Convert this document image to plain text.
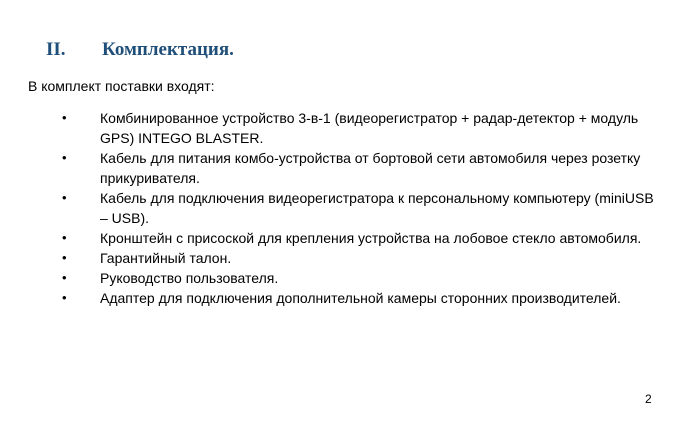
II. Комплектация.
В комплект поставки входят:
•	Комбинированное устройство 3-в-1 (видеорегистратор + радар-детектор + модуль GPS) INTEGO BLASTER.
•	Кабель для питания комбо-устройства от бортовой сети автомобиля через розетку прикуривателя.
•	Кабель для подключения видеорегистратора к персональному компьютеру (miniUSB – USB).
•	Кронштейн с присоской для крепления устройства на лобовое стекло автомобиля.
•	Гарантийный талон.
•	Руководство пользователя.
•	Адаптер для подключения дополнительной камеры сторонних производителей.
2
